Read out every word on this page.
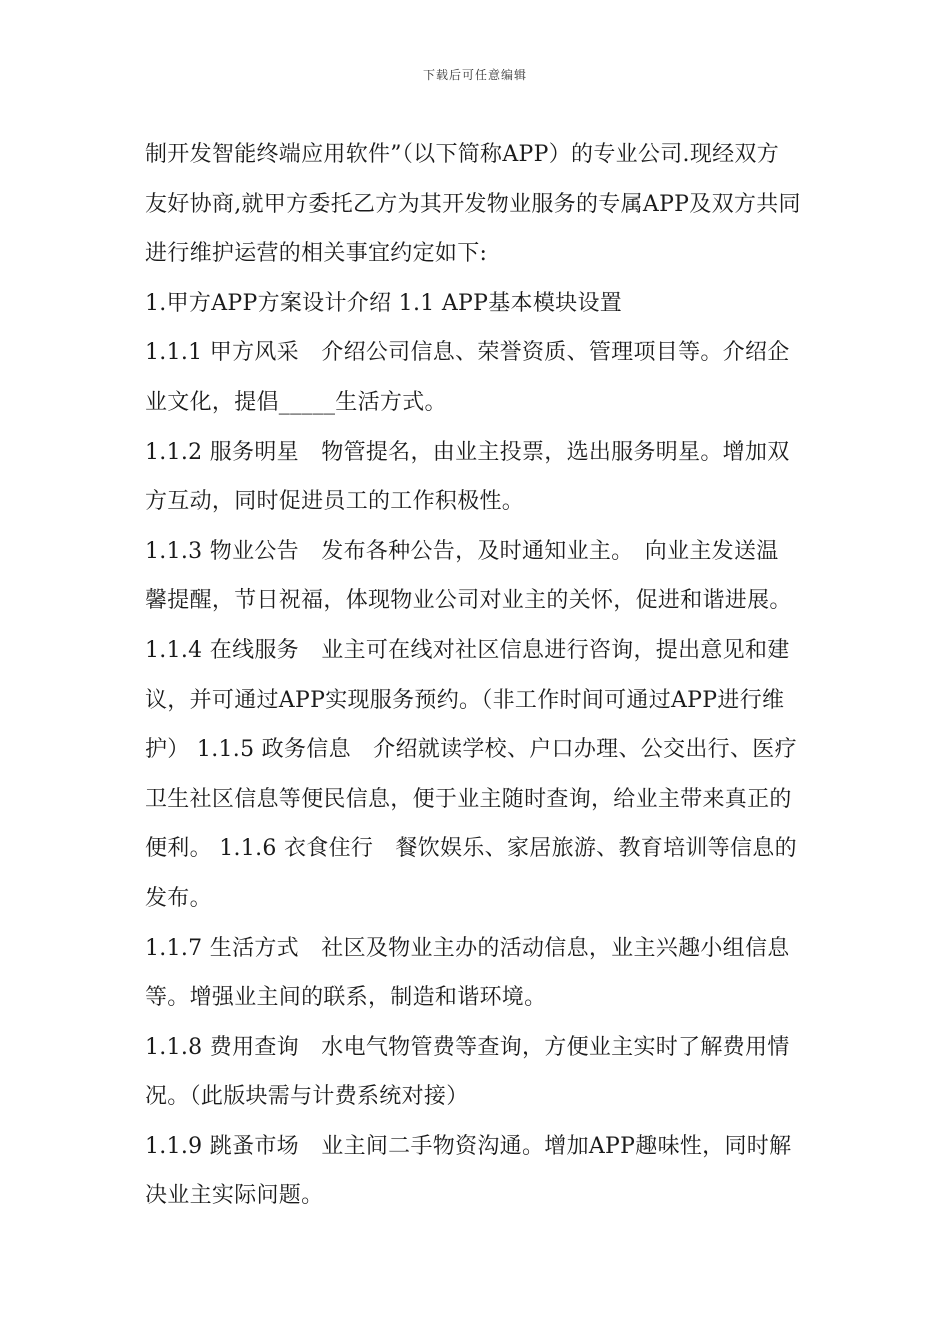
下载后可任意编辑
制开发智能终端应用软件”（以下简称APP）的专业公司.现经双方
友好协商,就甲方委托乙方为其开发物业服务的专属APP及双方共同
进行维护运营的相关事宜约定如下:
1.甲方APP方案设计介绍 1.1 APP基本模块设置
1.1.1 甲方风采　介绍公司信息、荣誉资质、管理项目等。介绍企
业文化，提倡_____生活方式。
1.1.2 服务明星　物管提名，由业主投票，选出服务明星。增加双
方互动，同时促进员工的工作积极性。
1.1.3 物业公告　发布各种公告，及时通知业主。　向业主发送温
馨提醒，节日祝福，体现物业公司对业主的关怀，促进和谐进展。
1.1.4 在线服务　业主可在线对社区信息进行咨询，提出意见和建
议，并可通过APP实现服务预约。（非工作时间可通过APP进行维
护） 1.1.5 政务信息　介绍就读学校、户口办理、公交出行、医疗
卫生社区信息等便民信息，便于业主随时查询，给业主带来真正的
便利。 1.1.6 衣食住行　餐饮娱乐、家居旅游、教育培训等信息的
发布。
1.1.7 生活方式　社区及物业主办的活动信息，业主兴趣小组信息
等。增强业主间的联系，制造和谐环境。
1.1.8 费用查询　水电气物管费等查询，方便业主实时了解费用情
况。（此版块需与计费系统对接）
1.1.9 跳蚤市场　业主间二手物资沟通。增加APP趣味性，同时解
决业主实际问题。
